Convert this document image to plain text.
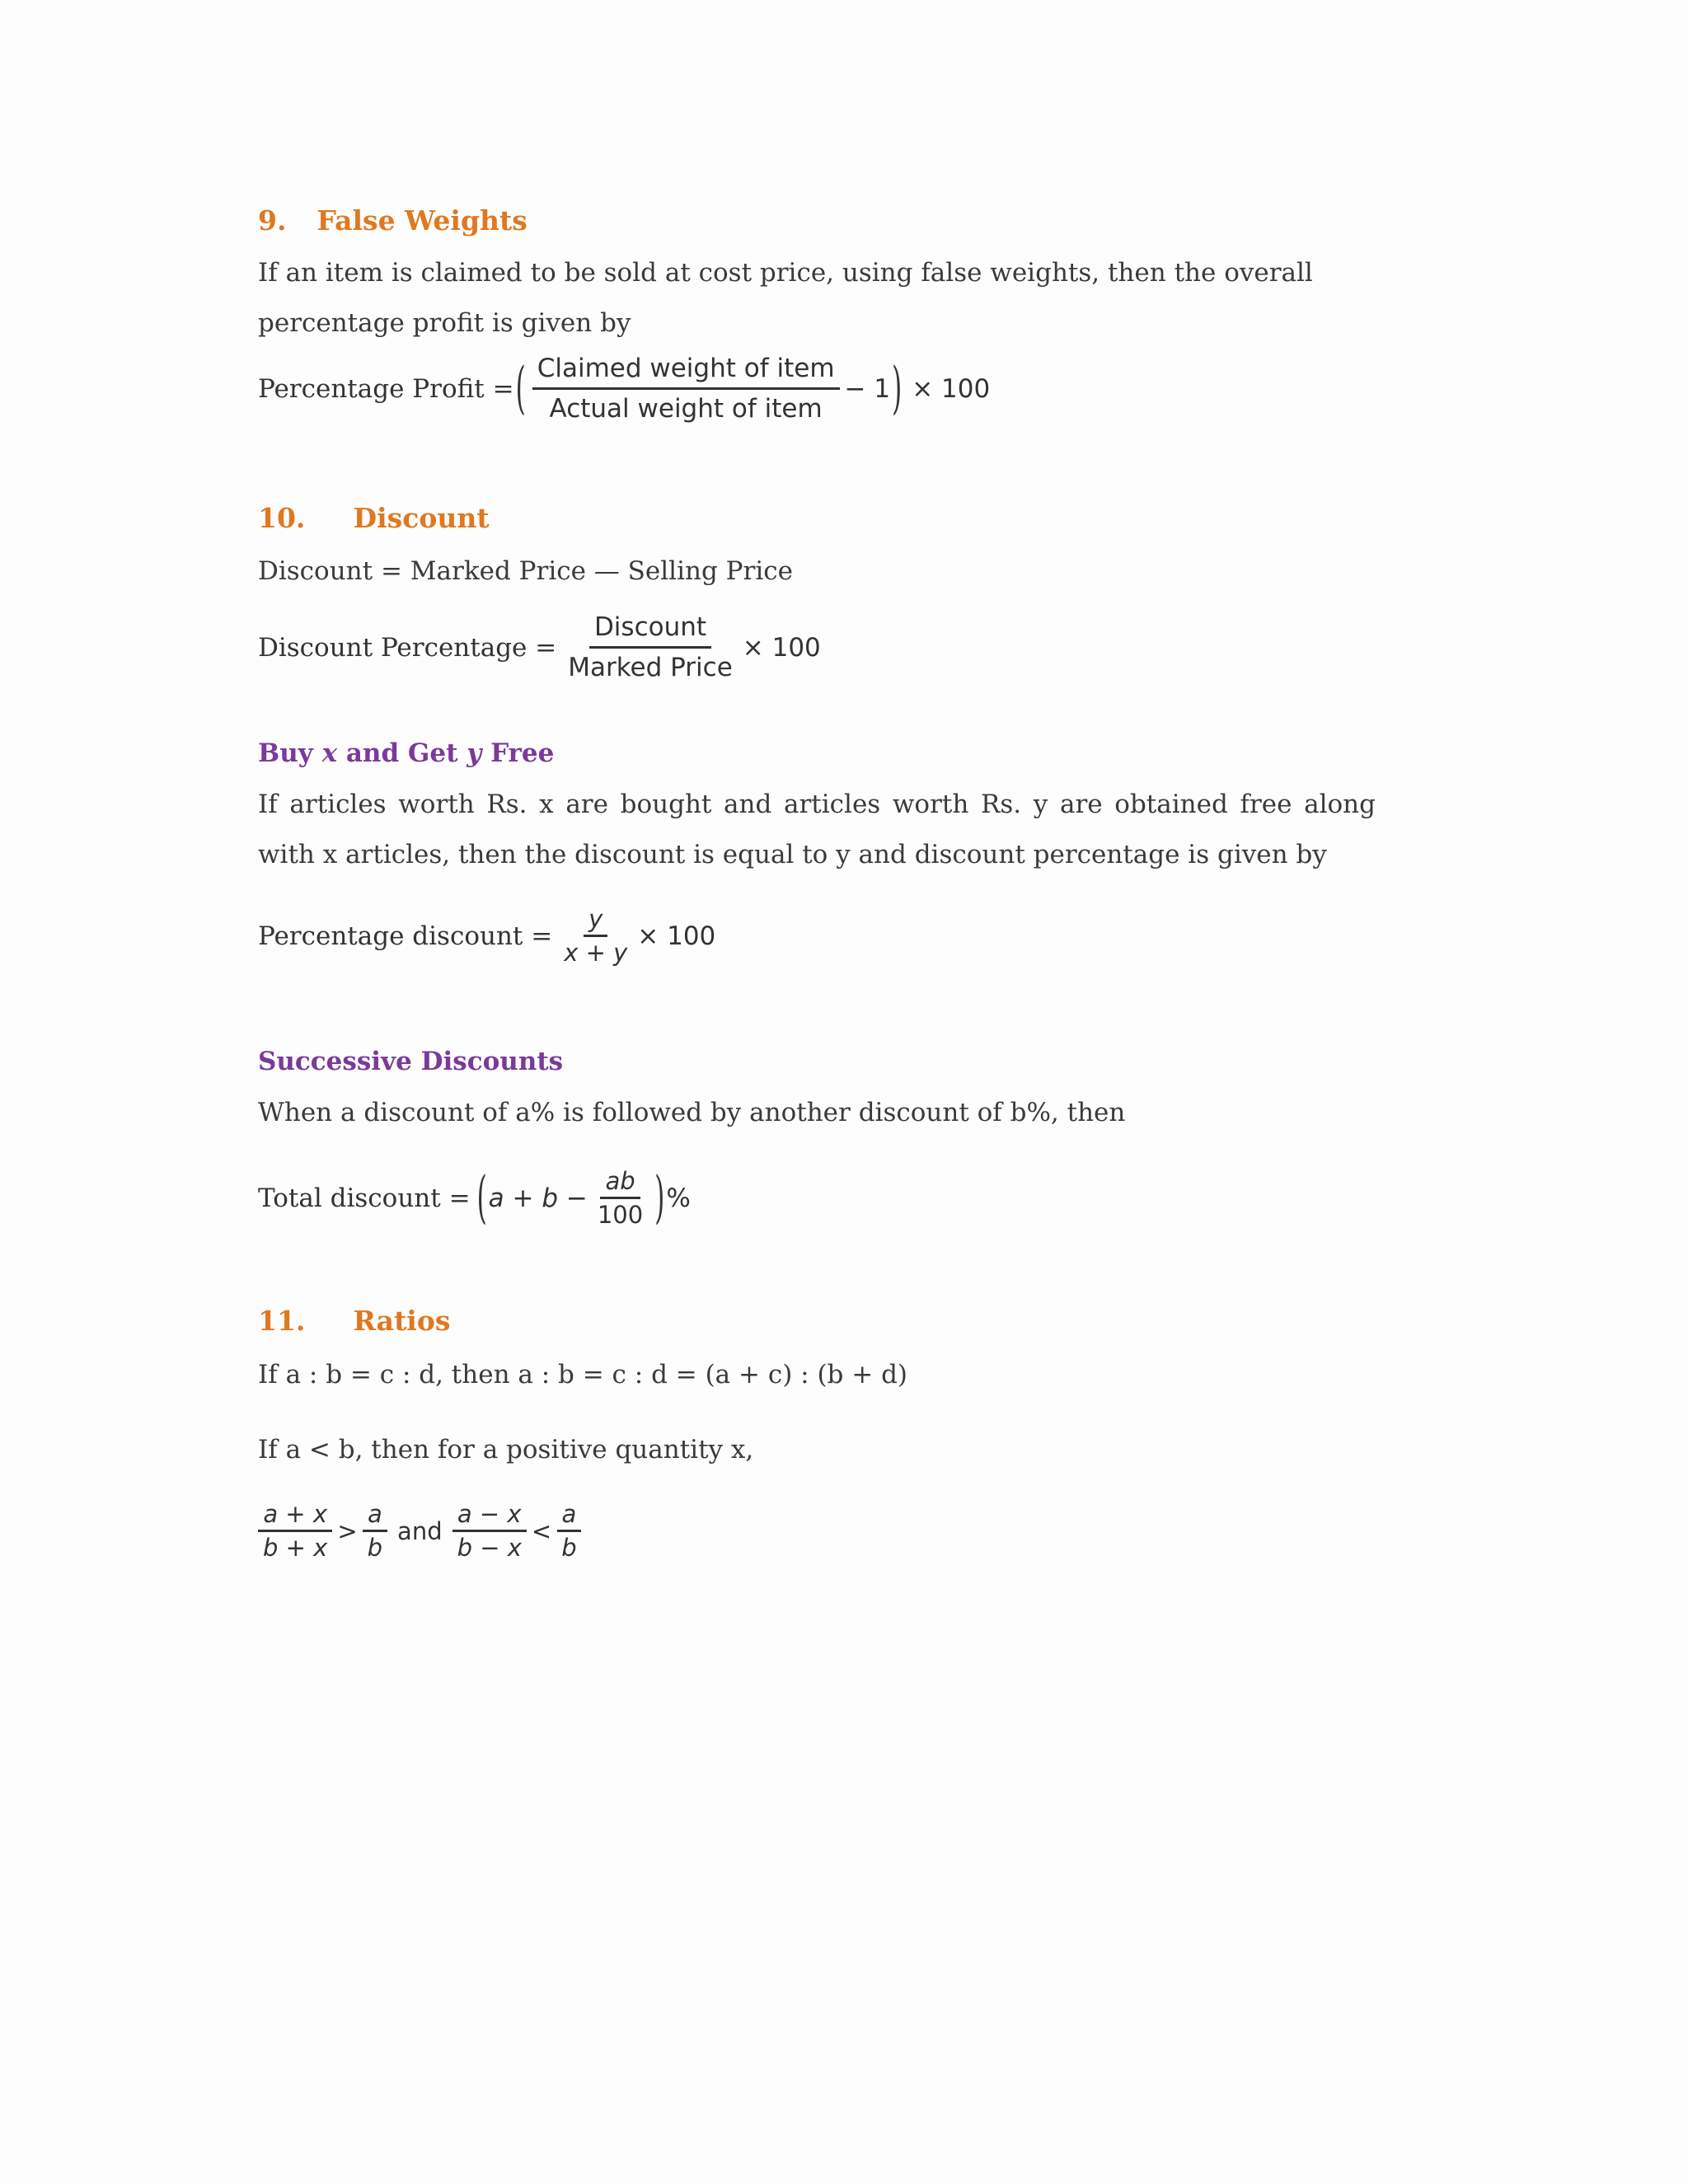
9. False Weights
If an item is claimed to be sold at cost price, using false weights, then the overall percentage profit is given by
Percentage Profit = ( $\frac{\text{Claimed weight of item}}{\text{Actual weight of item}} - 1$ ) × 100
10. Discount
Discount = Marked Price — Selling Price
Discount Percentage = $\frac{\text{Discount}}{\text{Marked Price}} \times 100$
Buy x and Get y Free
If articles worth Rs. x are bought and articles worth Rs. y are obtained free along with x articles, then the discount is equal to y and discount percentage is given by
Percentage discount = $\frac{y}{x + y} \times 100$
Successive Discounts
When a discount of a% is followed by another discount of b%, then
Total discount = ( $a + b - \frac{ab}{100}$ ) %
11. Ratios
If a : b = c : d, then a : b = c : d = (a + c) : (b + d)
If a < b, then for a positive quantity x,
$\frac{a + x}{b + x} > \frac{a}{b}$ and $\frac{a - x}{b - x} < \frac{a}{b}$
